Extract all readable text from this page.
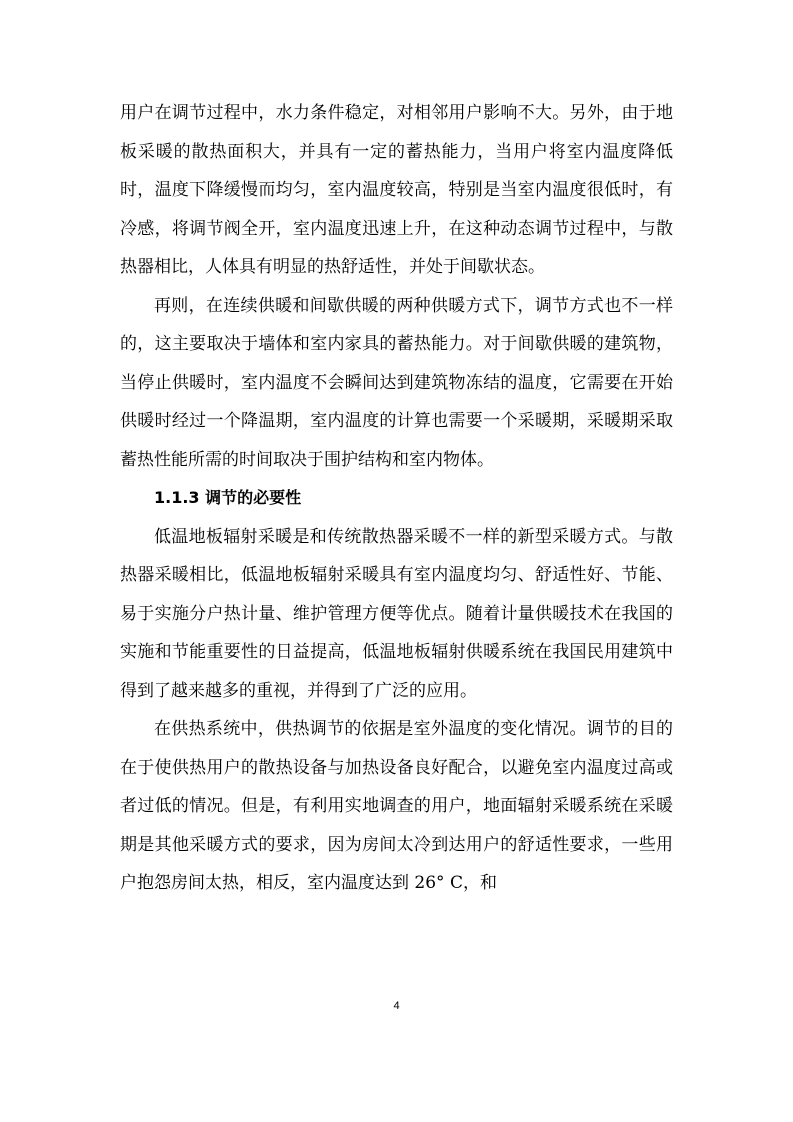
用户在调节过程中，水力条件稳定，对相邻用户影响不大。另外，由于地板采暖的散热面积大，并具有一定的蓄热能力，当用户将室内温度降低时，温度下降缓慢而均匀，室内温度较高，特别是当室内温度很低时，有冷感，将调节阀全开，室内温度迅速上升，在这种动态调节过程中，与散热器相比，人体具有明显的热舒适性，并处于间歇状态。

再则，在连续供暖和间歇供暖的两种供暖方式下，调节方式也不一样的，这主要取决于墙体和室内家具的蓄热能力。对于间歇供暖的建筑物，当停止供暖时，室内温度不会瞬间达到建筑物冻结的温度，它需要在开始供暖时经过一个降温期，室内温度的计算也需要一个采暖期，采暖期采取蓄热性能所需的时间取决于围护结构和室内物体。

1.1.3 调节的必要性

低温地板辐射采暖是和传统散热器采暖不一样的新型采暖方式。与散热器采暖相比，低温地板辐射采暖具有室内温度均匀、舒适性好、节能、易于实施分户热计量、维护管理方便等优点。随着计量供暖技术在我国的实施和节能重要性的日益提高，低温地板辐射供暖系统在我国民用建筑中得到了越来越多的重视，并得到了广泛的应用。

在供热系统中，供热调节的依据是室外温度的变化情况。调节的目的在于使供热用户的散热设备与加热设备良好配合，以避免室内温度过高或者过低的情况。但是，有利用实地调查的用户，地面辐射采暖系统在采暖期是其他采暖方式的要求，因为房间太冷到达用户的舒适性要求，一些用户抱怨房间太热，相反，室内温度达到 26° C，和

4
